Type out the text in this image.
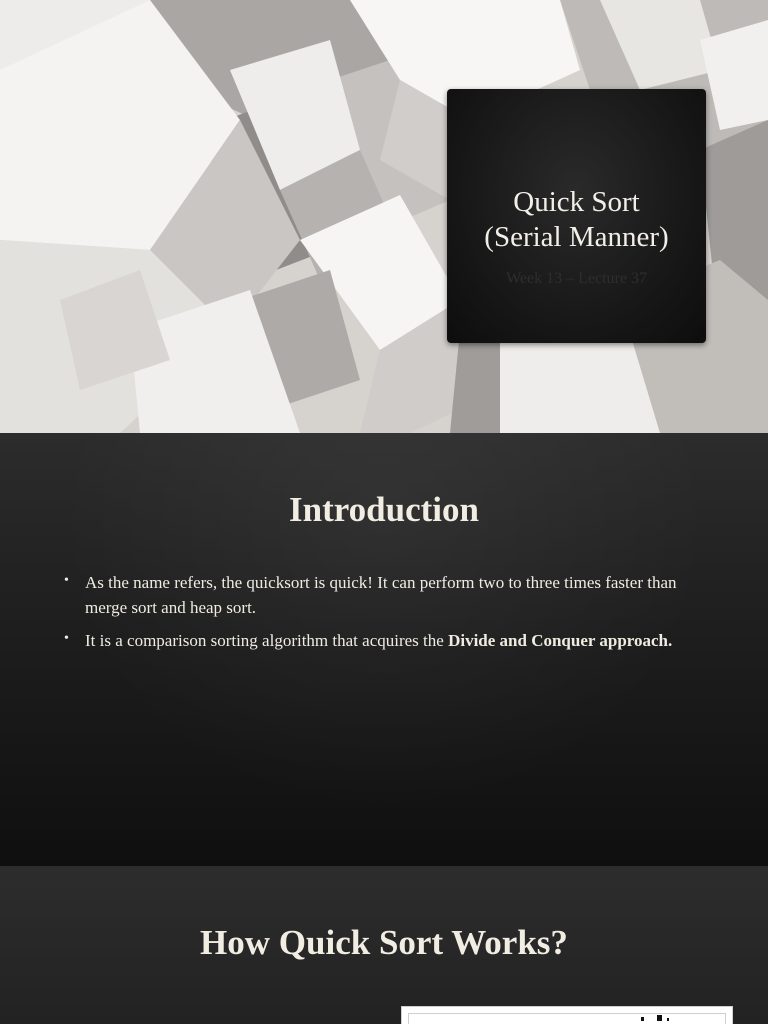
Quick Sort
(Serial Manner)
Week 13 – Lecture 37
Introduction
• As the name refers, the quicksort is quick! It can perform two to three times faster than merge sort and heap sort.
• It is a comparison sorting algorithm that acquires the Divide and Conquer approach.
How Quick Sort Works?
